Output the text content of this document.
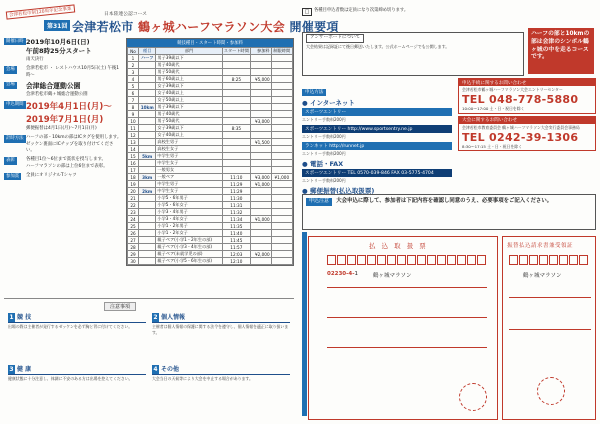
会津若松市制120周年記念事業	日本陸連公認コース
第31回 会津若松市 鶴ヶ城ハーフマラソン大会 開催要項
開催日時 2019年10月6日(日)
午前8時25分スタート
雨天決行
会場	会津若松市 ・ レストハウス10月5日(土) 午後1時〜
会場 会津総合運動公園
会津若松市鶴ヶ城総合運動公園
申込期間 2019年4月1日(月)〜
2019年7月1日(月)
郵便振替は4月1日(月)〜7月1日(月)
計時方法 ハーフの部・10kmの部はICタグを使用します。
ゼッケン裏面にICチップを取り付けてください。
表彰	各種目1位〜6位まで賞状を授与します。
ハーフマラソンの部は上位6位まで表彰。
参加賞	全員にオリジナルTシャツ
競技種目・スタート時間・参加料
No	種目	部門	スタート時間	参加料	制限時間
1	ハーフ	男子39歳以下			
2		男子40歳代			
3		男子50歳代			
4		男子60歳以上	8:25	¥5,000	
5		女子39歳以下			
6		女子40歳以上			
7		女子50歳以上			
8	10km	男子39歳以下			
9		男子40歳代			
10		男子50歳代		¥3,000	
11		女子39歳以下	8:35		
12		女子40歳以上			
13		高校生男子		¥1,500	
14		高校生女子			
15	5km	中学生男子			
16		中学生女子			
17		一般男女			
18	3km	一般ペア	11:10	¥3,000	¥1,000
19		中学生男子	11:29	¥1,000	
20	2km	中学生女子	11:29		
21		小学5・6年男子	11:30		
22		小学5・6年女子	11:31		
23		小学3・4年男子	11:32		
24		小学3・4年女子	11:34	¥1,000	
25		小学1・2年男子	11:35		
26		小学1・2年女子	11:40		
27		親子ペア(小学1・2年生の部)	11:45		
28		親子ペア(小学3・4年生の部)	11:57		
29		親子ペア(未就学児の部)	12:03	¥2,000	
30		親子ペア(小学5・6年生の部)	12:10		
注意事項
1 競 技
出場の際は主催者が発行するゼッケンを必ず胸と背に付けてください。
2 個人情報
主催者は個人情報の保護に関する法令を遵守し、個人情報を適正に取り扱います。
3 健 康
健康状態に十分注意し、体調に不安のある方は出場を控えてください。
4 その他
大会当日の天候等により大会を中止する場合があります。
□	各種目申込者数は定員になり次第締め切ります。
ハーフの部と10kmの部は会津のシンボル鶴ヶ城の中を走るコースです。
アンサーボードについて
大会結果は記録証にて後日郵送いたします。公式ホームページでも公開します。
申込方法
● インターネット
スポーツエントリー
エントリー手数料200円
スポーツエントリー http://www.sportsentry.ne.jp
エントリー手数料200円
ランネット http://runnet.jp
エントリー手数料200円
● 電話・FAX
スポーツエントリー TEL 0570-039-846 FAX 03-5775-4704
エントリー手数料200円
● 郵便振替(払込取扱票)
申込手続に関するお問い合わせ
会津若松市鶴ヶ城ハーフマラソン大会エントリーセンター
TEL 048-778-5880
10:00〜17:00 土・日・祝日を除く
大会に関するお問い合わせ
会津若松市教育委員会 鶴ヶ城ハーフマラソン大会実行委員会事務局
TEL 0242-39-1306
8:30〜17:15 土・日・祝日を除く
申込注意 大会申込に際して、参加者は下記内容を確認し同意のうえ、必要事項をご記入ください。
払 込 取 扱 票
02230-4-1	鶴ヶ城マラソン
振替払込請求書兼受領証
鶴ヶ城マラソン
